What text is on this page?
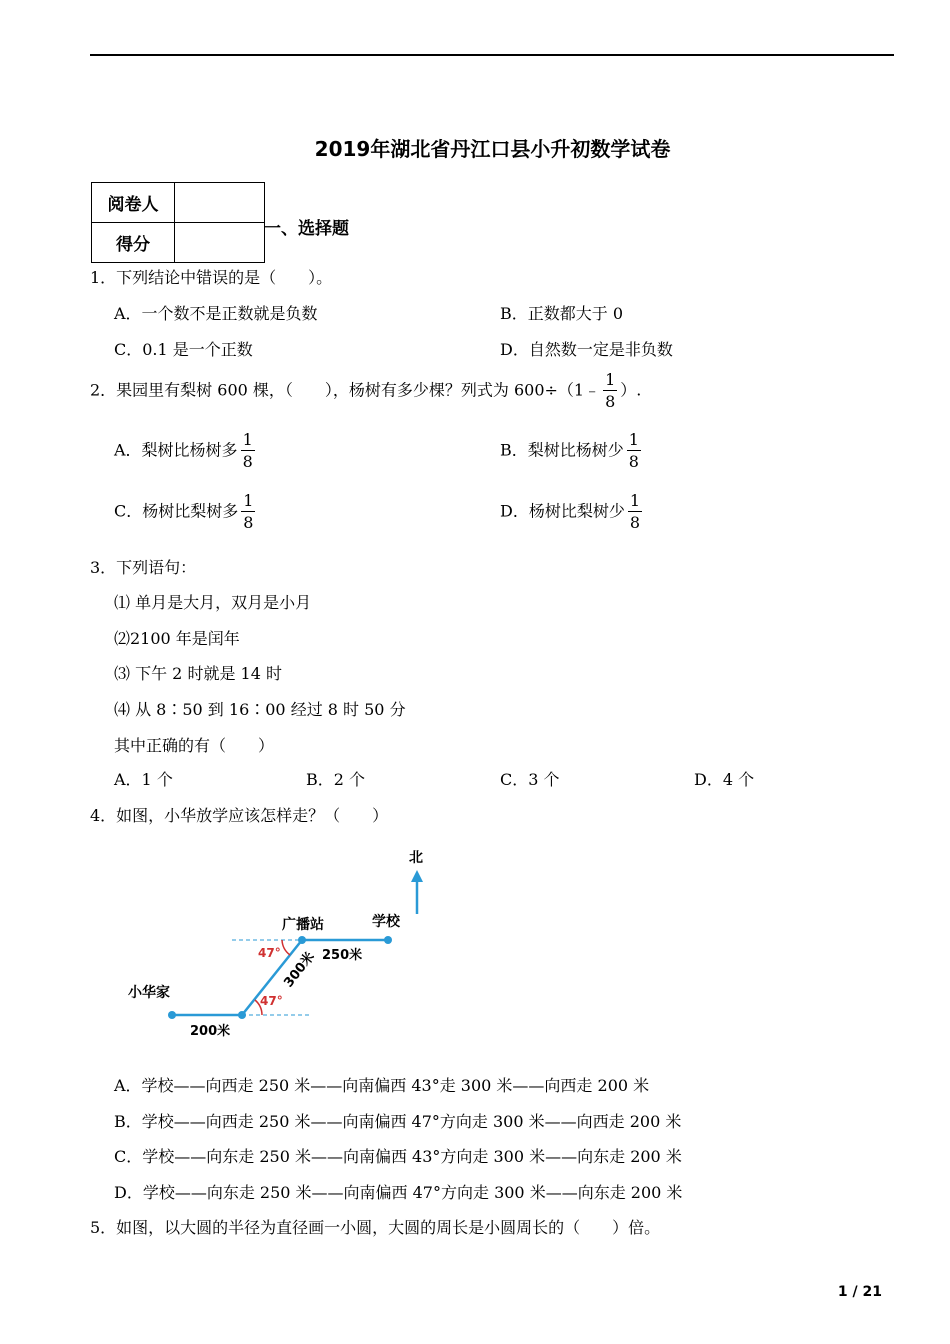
2019年湖北省丹江口县小升初数学试卷
阅卷人	
得分	
一、选择题
1．下列结论中错误的是（　　）。
A．一个数不是正数就是负数	B．正数都大于 0
C．0.1 是一个正数	D．自然数一定是非负数
2．果园里有梨树 600 棵，（　　），杨树有多少棵？列式为 600÷（1﹣ $\frac{1}{8}$ ）.
A．梨树比杨树多 $\frac{1}{8}$	B．梨树比杨树少 $\frac{1}{8}$
C．杨树比梨树多 $\frac{1}{8}$	D．杨树比梨树少 $\frac{1}{8}$
3．下列语句：
⑴ 单月是大月，双月是小月
⑵2100 年是闰年
⑶ 下午 2 时就是 14 时
⑷ 从 8∶50 到 16∶00 经过 8 时 50 分
其中正确的有（　　）
A．1 个	B．2 个	C．3 个	D．4 个
4．如图，小华放学应该怎样走？（　　）
北
学校
广播站
250米
300米
200米
小华家
47°
47°
A．学校——向西走 250 米——向南偏西 43°走 300 米——向西走 200 米
B．学校——向西走 250 米——向南偏西 47°方向走 300 米——向西走 200 米
C．学校——向东走 250 米——向南偏西 43°方向走 300 米——向东走 200 米
D．学校——向东走 250 米——向南偏西 47°方向走 300 米——向东走 200 米
5．如图，以大圆的半径为直径画一小圆，大圆的周长是小圆周长的（　　）倍。
1 / 21
